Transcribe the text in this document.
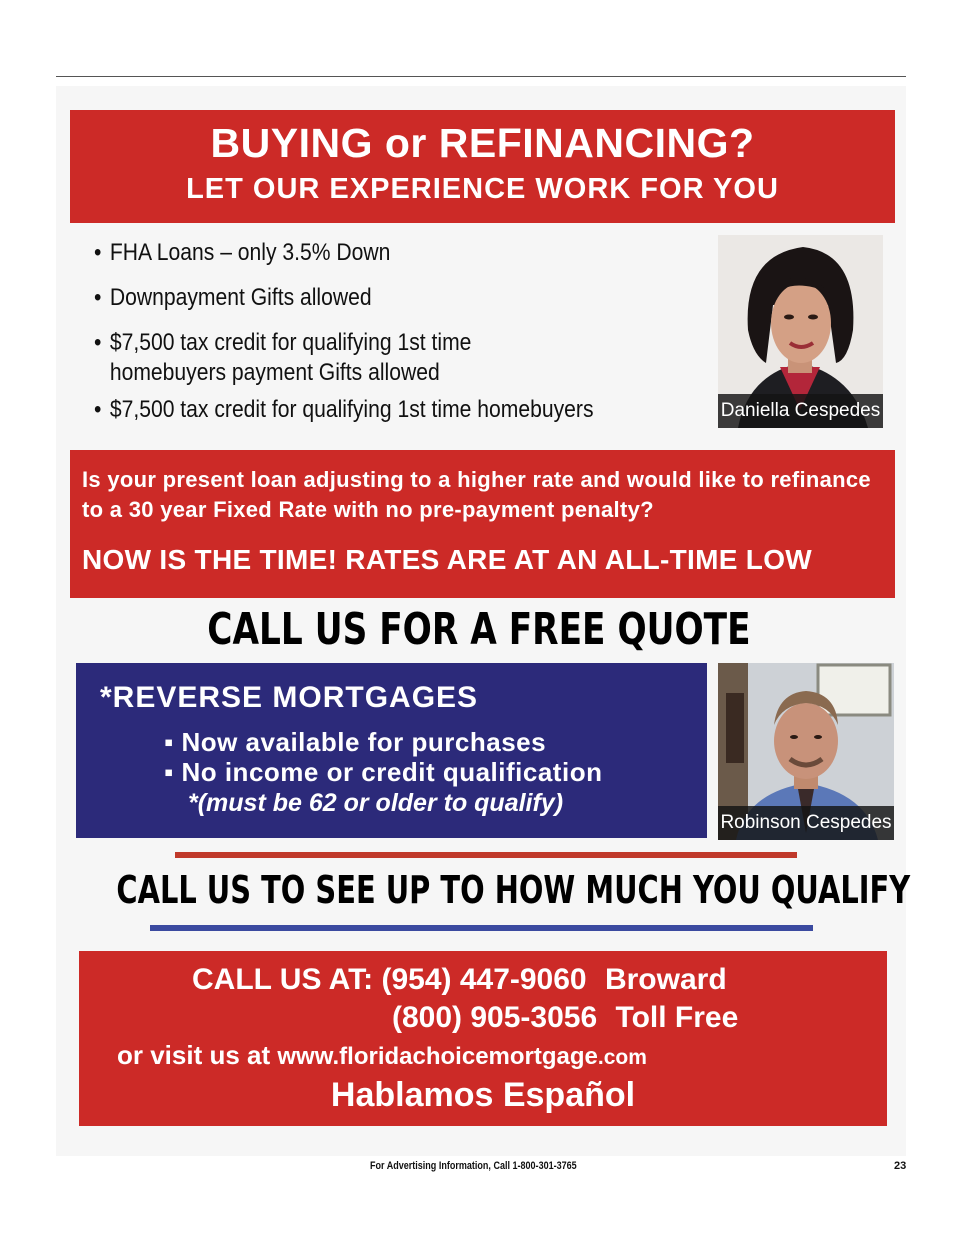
BUYING or REFINANCING?
LET OUR EXPERIENCE WORK FOR YOU
• FHA Loans – only 3.5% Down
• Downpayment Gifts allowed
• $7,500 tax credit for qualifying 1st time
homebuyers payment Gifts allowed
• $7,500 tax credit for qualifying 1st time homebuyers	Daniella Cespedes
Is your present loan adjusting to a higher rate and would like to refinance to a 30 year Fixed Rate with no pre-payment penalty?
NOW IS THE TIME! RATES ARE AT AN ALL-TIME LOW
CALL US FOR A FREE QUOTE
*REVERSE MORTGAGES
▪ Now available for purchases
▪ No income or credit qualification
*(must be 62 or older to qualify)
Robinson Cespedes
CALL US TO SEE UP TO HOW MUCH YOU QUALIFY
CALL US AT: (954) 447-9060 Broward
(800) 905-3056 Toll Free
or visit us at www.floridachoicemortgage.com
Hablamos Español
For Advertising Information, Call 1-800-301-3765	23
